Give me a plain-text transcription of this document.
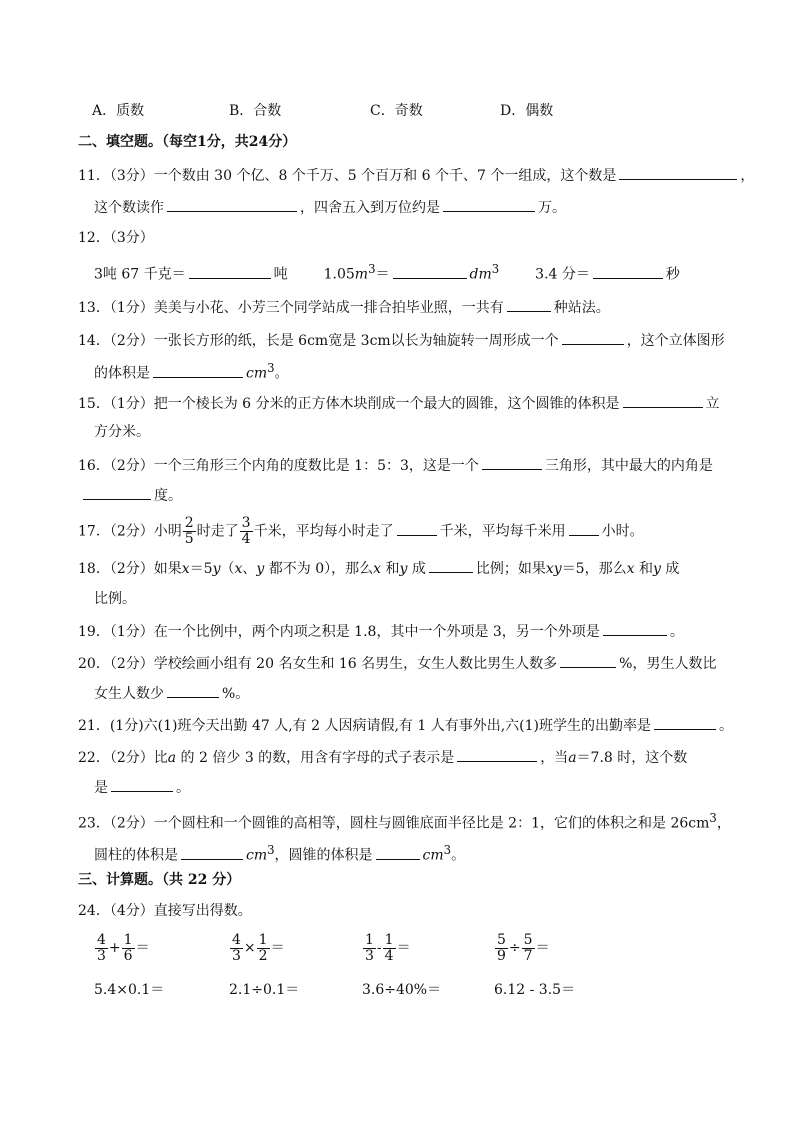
A．质数	B．合数	C．奇数	D．偶数
二、填空题。（每空1分，共24分）
11．（3分）一个数由 30 个亿、8 个千万、5 个百万和 6 个千、7 个一组成，这个数是	，
这个数读作	，四舍五入到万位约是	万。
12．（3分）
3吨 67 千克＝	吨	$1.05m^3=$	$dm^3$	3.4 分＝	秒
13．（1分）美美与小花、小芳三个同学站成一排合拍毕业照，一共有	种站法。
14．（2分）一张长方形的纸，长是 6cm宽是 3cm以长为轴旋转一周形成一个	，这个立体图形
的体积是	$cm^3$。
15．（1分）把一个棱长为 6 分米的正方体木块削成一个最大的圆锥，这个圆锥的体积是	立
方分米。
16．（2分）一个三角形三个内角的度数比是 1：5：3，这是一个	三角形，其中最大的内角是
度。
17．（2分）小明 $\frac{2}{5}$ 时走了 $\frac{3}{4}$ 千米，平均每小时走了	千米，平均每千米用	小时。
18．（2分）如果x＝5y（x、y 都不为 0），那么x 和y 成	比例；如果xy＝5，那么x 和y 成
比例。
19．（1分）在一个比例中，两个内项之积是 1.8，其中一个外项是 3，另一个外项是	。
20．（2分）学校绘画小组有 20 名女生和 16 名男生，女生人数比男生人数多	%，男生人数比
女生人数少	%。
21．(1分)六(1)班今天出勤 47 人,有 2 人因病请假,有 1 人有事外出,六(1)班学生的出勤率是	。
22．（2分）比a 的 2 倍少 3 的数，用含有字母的式子表示是	，当a＝7.8 时，这个数
是	。
23．（2分）一个圆柱和一个圆锥的高相等，圆柱与圆锥底面半径比是 2：1，它们的体积之和是 $26cm^3$，
圆柱的体积是	$cm^3$，圆锥的体积是	$cm^3$。
三、计算题。（共 22 分）
24．（4分）直接写出得数。
$\frac{4}{3} + \frac{1}{6}$ ＝	$\frac{4}{3} \times \frac{1}{2}$ ＝	$\frac{1}{3} - \frac{1}{4}$ ＝	$\frac{5}{9} \div \frac{5}{7}$ ＝
5.4×0.1＝	2.1÷0.1＝	3.6÷40%＝	6.12 - 3.5＝
